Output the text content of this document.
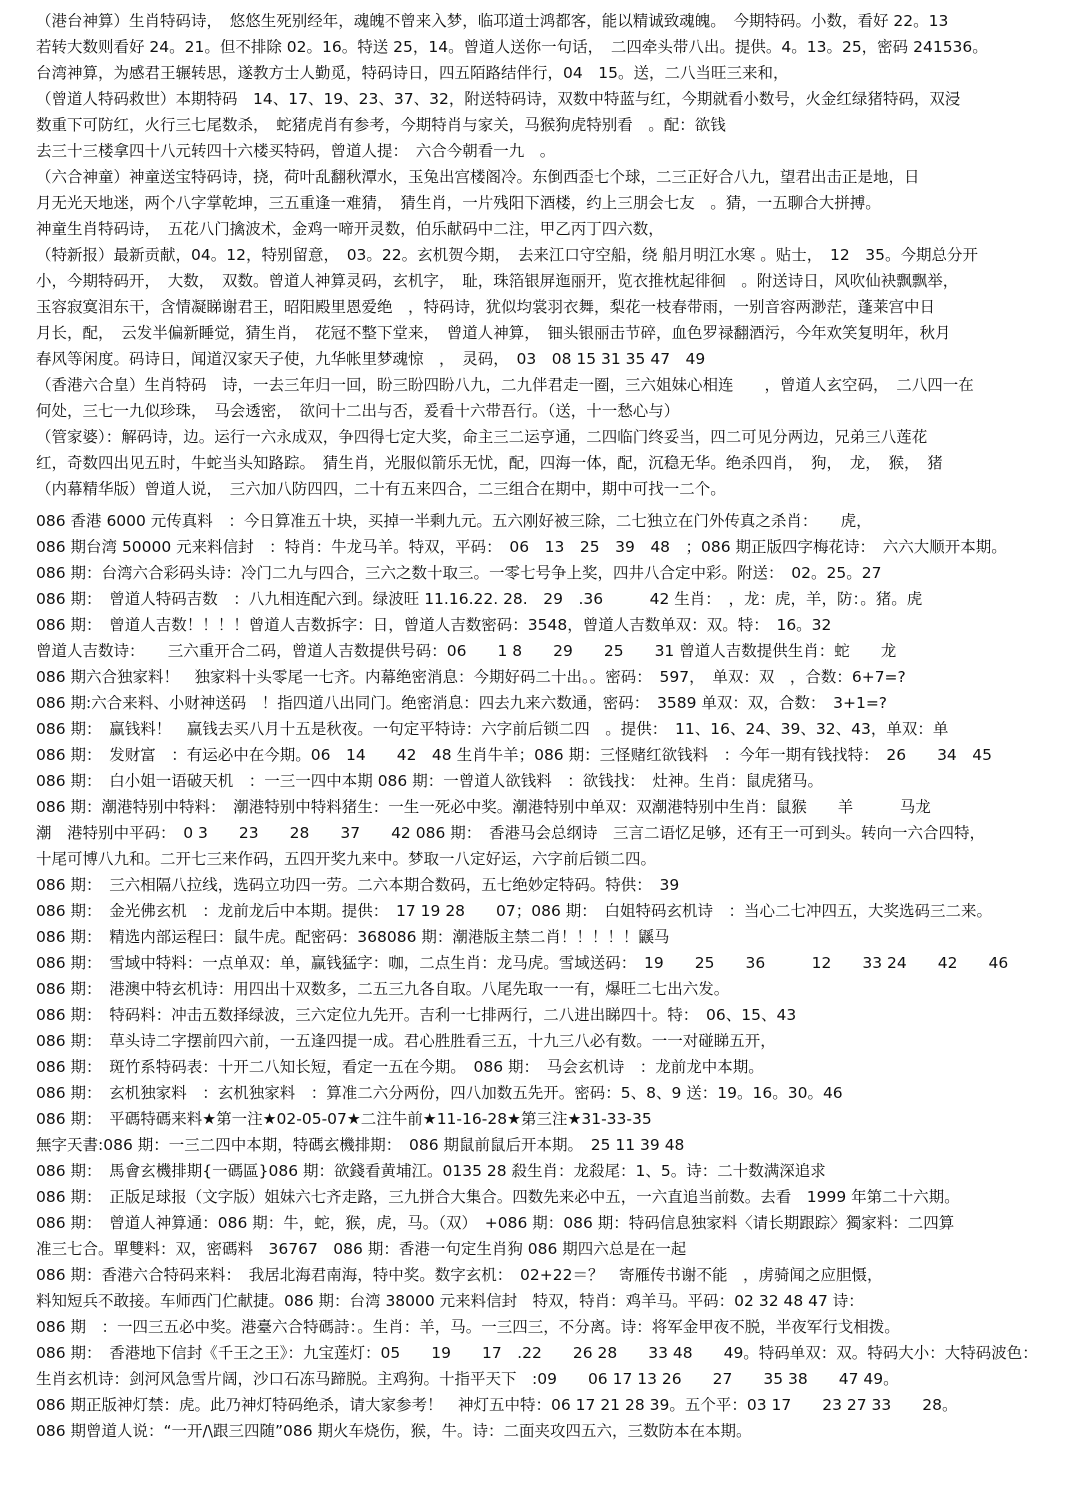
（港台神算）生肖特码诗，　悠悠生死别经年，魂魄不曾来入梦，临邛道士鸿都客，能以精诚致魂魄。　今期特码。小数，看好 22。13
若转大数则看好 24。21。但不排除 02。16。特送 25，14。曾道人送你一句话，　二四牵头带八出。提供。4。13。25，密码 241536。
台湾神算，为感君王辗转思，遂教方士人勤觅，特码诗日，四五陌路结伴行，04　15。送，二八当旺三来和，
（曾道人特码救世）本期特码　14、17、19、23、37、32，附送特码诗，双数中特蓝与红，今期就看小数号，火金红绿猪特码，双浸
数重下可防红，火行三七尾数杀，　蛇猪虎肖有参考，今期特肖与家关，马猴狗虎特别看　。配：欲钱
去三十三楼拿四十八元转四十六楼买特码，曾道人提：　六合今朝看一九　。
（六合神童）神童送宝特码诗，挠，荷叶乱翻秋潭水，玉兔出宫楼阁冷。东倒西歪七个球，二三正好合八九，望君出击正是地，日
月无光天地迷，两个八字掌乾坤，三五重逢一难猜，　猜生肖，一片残阳下酒楼，约上三朋会七友　。猜，一五聊合大拼搏。
神童生肖特码诗，　五花八门擒波术，金鸡一啼开灵数，伯乐献码中二注，甲乙丙丁四六数，
（特新报）最新贡献，04。12，特别留意，　03。22。玄机贺今期，　去来江口守空船，绕 船月明江水寒 。贴士，　12　35。今期总分开
小，今期特码开，　大数，　双数。曾道人神算灵码，玄机字，　耻，珠箔银屏迤丽开，览衣推枕起徘徊　。附送诗日，风吹仙袂飘飘举，
玉容寂寞泪东干，含情凝睇谢君王，昭阳殿里恩爱绝　，特码诗，犹似均裳羽衣舞，梨花一枝春带雨，一别音容两渺茫，蓬莱宫中日
月长，配，　云发半偏新睡觉，猜生肖，　花冠不整下堂来，　曾道人神算，　钿头银丽击节碎，血色罗禄翻酒污，今年欢笑复明年，秋月
春风等闲度。码诗日，闻道汉家天子使，九华帐里梦魂惊　，　灵码，　03　08 15 31 35 47　49
（香港六合皇）生肖特码　诗，一去三年归一回，盼三盼四盼八九，二九伴君走一圈，三六姐妹心相连　　，曾道人玄空码，　二八四一在
何处，三七一九似珍珠，　马会透密，　欲问十二出与否，爰看十六带吾行。（送，十一愁心与）
（管家婆）：解码诗，边。运行一六永成双，争四得七定大奖，命主三二运亨通，二四临门终妥当，四二可见分两边，兄弟三八莲花
红，奇数四出见五时，牛蛇当头知路踪。　猜生肖，光服似箭乐无忧，配，四海一体，配，沉稳无华。绝杀四肖，　狗，　龙，　猴，　猪
（内幕精华版）曾道人说，　三六加八防四四，二十有五来四合，二三组合在期中，期中可找一二个。
086 香港 6000 元传真料　：今日算准五十块，买掉一半剩九元。五六刚好被三除，二七独立在门外传真之杀肖：　　虎，
086 期台湾 50000 元来料信封　：特肖：牛龙马羊。特双，平码：　06　13　25　39　48　；086 期正版四字梅花诗：　六六大顺开本期。
086 期：台湾六合彩码头诗：冷门二九与四合，三六之数十取三。一零七号争上奖，四井八合定中彩。附送：　02。25。27
086 期：　曾道人特码吉数　：八九相连配六到。绿波旺 11.16.22. 28.　29　.36　　　42 生肖：　，龙：虎，羊，防：。猪。虎
086 期：　曾道人吉数！！！！曾道人吉数拆字：日，曾道人吉数密码：3548，曾道人吉数单双：双。特：　16。32
曾道人吉数诗：　　三六重开合二码，曾道人吉数提供号码：06　　1 8　　29　　25　　31 曾道人吉数提供生肖：蛇　　龙
086 期六合独家料！　独家料十头零尾一七齐。内幕绝密消息：今期好码二十出。。密码：　597，　单双：双　，合数：6+7=?
086 期:六合来料、小财神送码　！指四道八出同门。绝密消息：四去九来六数通，密码：　3589 单双：双，合数：　3+1=?
086 期：　赢钱料！　赢钱去买八月十五是秋夜。一句定平特诗：六字前后锁二四　。提供：　11、16、24、39、32、43，单双：单
086 期：　发财富　：有运必中在今期。06　14　　42　48 生肖牛羊；086 期：三怪赌红欲钱料　：今年一期有钱找特：　26　　34　45
086 期：　白小姐一语破天机　：一三一四中本期 086 期：一曾道人欲钱料　：欲钱找：　灶神。生肖：鼠虎猪马。
086 期：潮港特别中特料：　潮港特别中特料猪生：一生一死必中奖。潮港特别中单双：双潮港特别中生肖：鼠猴　　羊　　　马龙
潮　港特别中平码：　0 3　　23　　28　　37　　42 086 期：　香港马会总纲诗　三言二语忆足够，还有王一可到头。转向一六合四特，
十尾可博八九和。二开七三来作码，五四开奖九来中。梦取一八定好运，六字前后锁二四。
086 期：　三六相隔八拉线，选码立功四一劳。二六本期合数码，五七绝妙定特码。特供：　39
086 期：　金光佛玄机　：龙前龙后中本期。提供：　17 19 28　　07；086 期：　白姐特码玄机诗　：当心二七冲四五，大奖选码三二来。
086 期：　精选内部运程曰：鼠牛虎。配密码：368086 期：潮港版主禁二肖！！！！！鼷马
086 期：　雪域中特料：一点单双：单，赢钱猛字：咖，二点生肖：龙马虎。雪域送码：　19　　25　　36　　　12　　33 24　　42　　46
086 期：　港澳中特玄机诗：用四出十双数多，二五三九各自取。八尾先取一一有，爆旺二七出六发。
086 期：　特码料：冲击五数择绿波，三六定位九先开。吉利一七排两行，二八进出睇四十。特：　06、15、43
086 期：　草头诗二字摆前四六前，一五逢四提一成。君心胜胜看三五，十九三八必有数。一一对碰睇五开，
086 期：　斑竹系特码表：十开二八知长短，看定一五在今期。　086 期：　马会玄机诗　：龙前龙中本期。
086 期：　玄机独家料　：玄机独家料　：算准二六分两份，四八加数五先开。密码：5、8、9 送：19。16。30。46
086 期：　平碼特碼来料★第一注★02-05-07★二注牛前★11-16-28★第三注★31-33-35
無字天書:086 期：一三二四中本期，特碼玄機排期：　086 期鼠前鼠后开本期。　25 11 39 48
086 期：　馬會玄機排期{一碼區}086 期：欲錢看黄埔江。0135 28 殺生肖：龙殺尾：1、5。诗：二十数满深追求
086 期：　正版足球报（文字版）姐妹六七齐走路，三九拼合大集合。四数先来必中五，一六直追当前数。去看　1999 年第二十六期。
086 期：　曾道人神算通：086 期：牛，蛇，猴，虎，马。（双）　+086 期：086 期：特码信息独家料〈请长期跟踪〉獨家料：二四算
准三七合。單雙料：双，密碼料　36767　086 期：香港一句定生肖狗 086 期四六总是在一起
086 期：香港六合特码来料：　我居北海君南海，特中奖。数字玄机：　02+22＝？　寄雁传书谢不能　，虏骑闻之应胆慑，
料知短兵不敢接。车师西门伫献捷。086 期：台湾 38000 元来料信封　特双，特肖：鸡羊马。平码：02 32 48 47 诗：
086 期　：一四三五必中奖。港臺六合特碼詩：。生肖：羊，马。一三四三，不分离。诗：将军金甲夜不脱，半夜军行戈相拨。
086 期：　香港地下信封《千王之王》：九宝莲灯：05　　19　　17　.22　　26 28　　33 48　　49。特码单双：双。特码大小：大特码波色：
生肖玄机诗：剑河风急雪片阔，沙口石冻马蹄脱。主鸡狗。十指平天下　:09　　06 17 13 26　　27　　35 38　　47 49。
086 期正版神灯禁：虎。此乃神灯特码绝杀，请大家参考！　神灯五中特：06 17 21 28 39。五个平：03 17　　23 27 33　　28。
086 期曾道人说：“一开/\跟三四随”086 期火车烧伤，猴，牛。诗：二面夹攻四五六，三数防本在本期。
